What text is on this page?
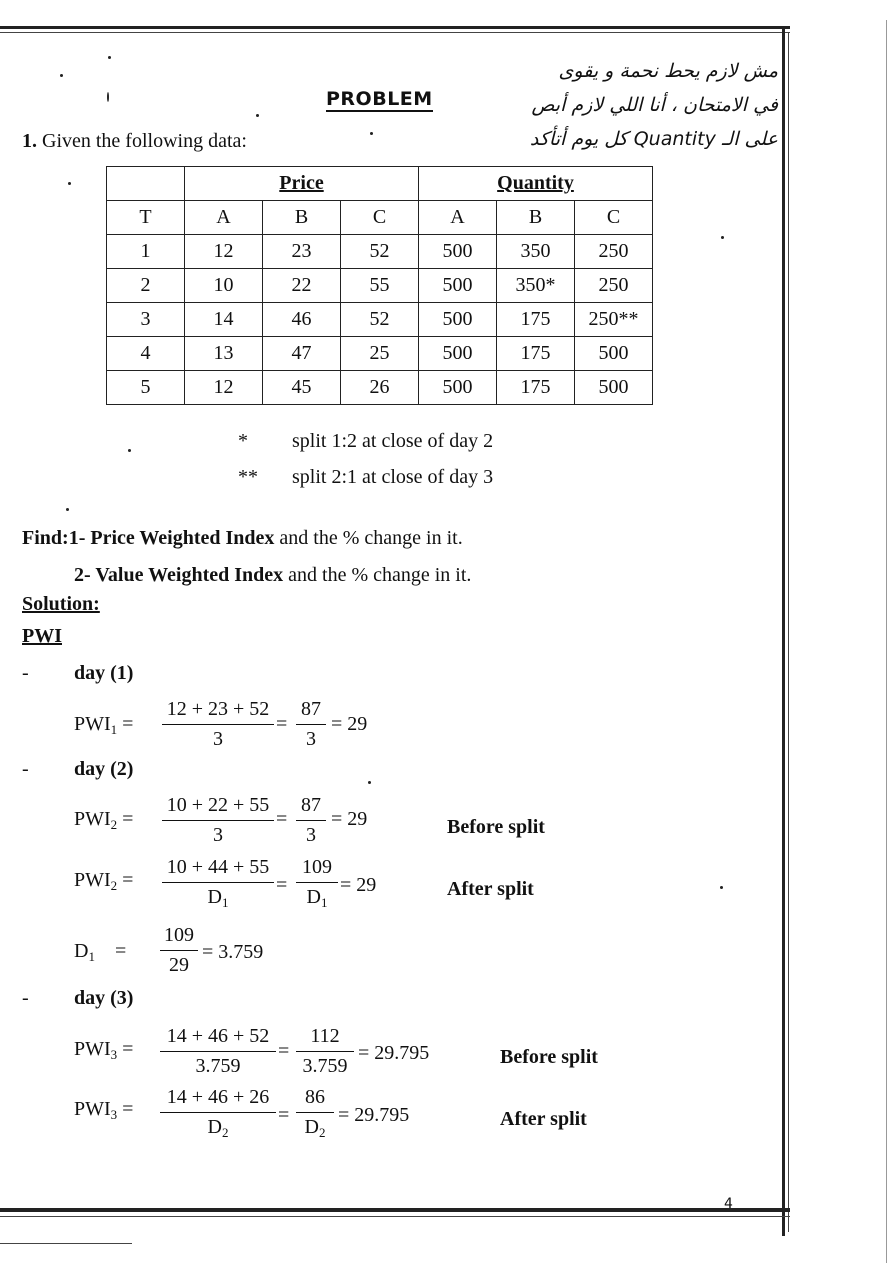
PROBLEM
مش لازم يحط نحمة و يقوى
في الامتحان ، أنا اللي لازم أبص
على الـ Quantity كل يوم أتأكد
1. Given the following data:
	Price			Quantity		
T	A	B	C	A	B	C
1	12	23	52	500	350	250
2	10	22	55	500	350*	250
3	14	46	52	500	175	250**
4	13	47	25	500	175	500
5	12	45	26	500	175	500
* split 1:2 at close of day 2
** split 2:1 at close of day 3
Find:1- Price Weighted Index and the % change in it.
2- Value Weighted Index and the % change in it.
Solution:
PWI
- day (1)
$PWI_1 = \frac{12 + 23 + 52}{3} = \frac{87}{3} = 29$
- day (2)
$PWI_2 = \frac{10 + 22 + 55}{3} = \frac{87}{3} = 29$	Before split
$PWI_2 = \frac{10 + 44 + 55}{D_1} = \frac{109}{D_1} = 29$	After split
$D_1$    = $\frac{109}{29} = 3.759$
- day (3)
$PWI_3 = \frac{14 + 46 + 52}{3.759} = \frac{112}{3.759} = 29.795$	Before split
$PWI_3 = \frac{14 + 46 + 26}{D_2} = \frac{86}{D_2} = 29.795$	After split
4
